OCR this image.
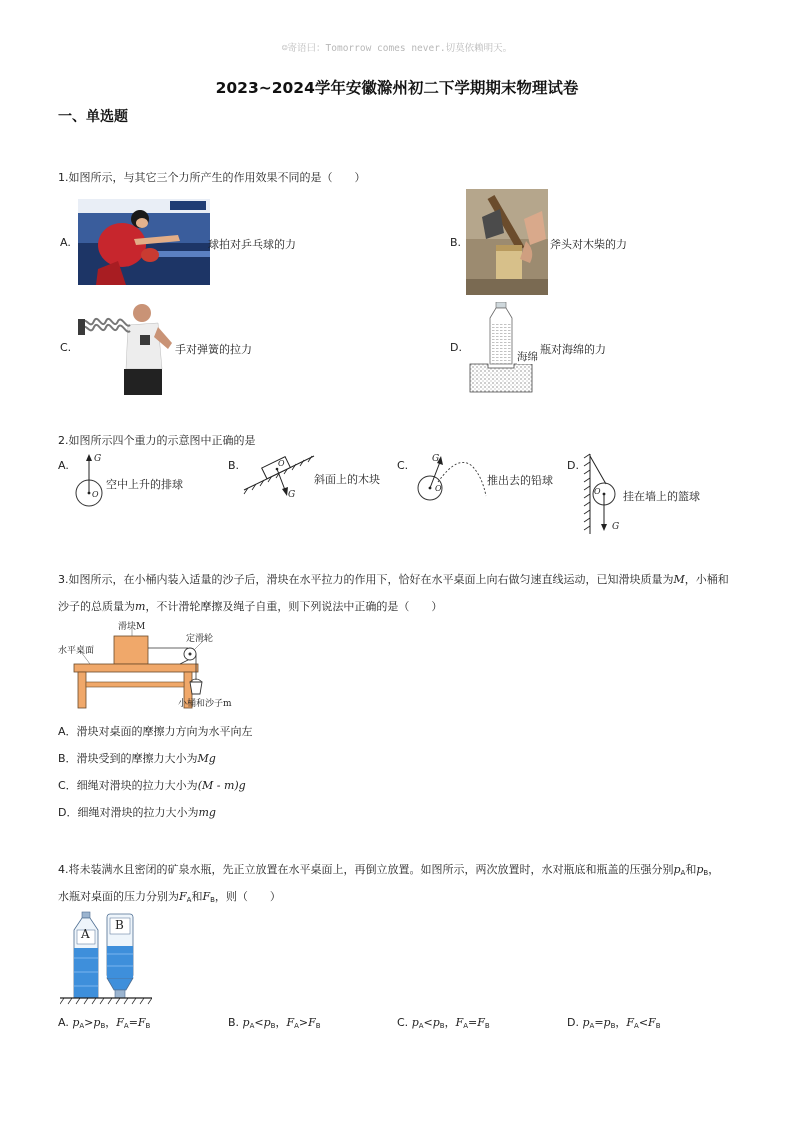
☺寄语曰：Tomorrow comes never.切莫依赖明天。
2023~2024学年安徽滁州初二下学期期末物理试卷
一、单选题
1.如图所示，与其它三个力所产生的作用效果不同的是（　　）
A.	球拍对乒乓球的力	B.	斧头对木柴的力
C.	手对弹簧的拉力	D.
海绵
瓶对海绵的力
2.如图所示四个重力的示意图中正确的是
A.	G
O
空中上升的排球
B.	O
G
斜面上的木块
C.	G
O
推出去的铅球
D.
O
G
挂在墙上的篮球
3.如图所示，在小桶内装入适量的沙子后，滑块在水平拉力的作用下，恰好在水平桌面上向右做匀速直线运动，已知滑块质量为M，小桶和
沙子的总质量为m，不计滑轮摩擦及绳子自重，则下列说法中正确的是（　　）
滑块M
定滑轮
水平桌面
小桶和沙子m
A．滑块对桌面的摩擦力方向为水平向左
B．滑块受到的摩擦力大小为Mg
C．细绳对滑块的拉力大小为(M - m)g
D．细绳对滑块的拉力大小为mg
4.将未装满水且密闭的矿泉水瓶，先正立放置在水平桌面上，再倒立放置。如图所示，两次放置时，水对瓶底和瓶盖的压强分别$p_A$和$p_B$，
水瓶对桌面的压力分别为$F_A$和$F_B$，则（　　）
A
B
A. $p_A>p_B$，$F_A=F_B$	B. $p_A<p_B$，$F_A>F_B$	C. $p_A<p_B$，$F_A=F_B$	D. $p_A=p_B$，$F_A<F_B$
